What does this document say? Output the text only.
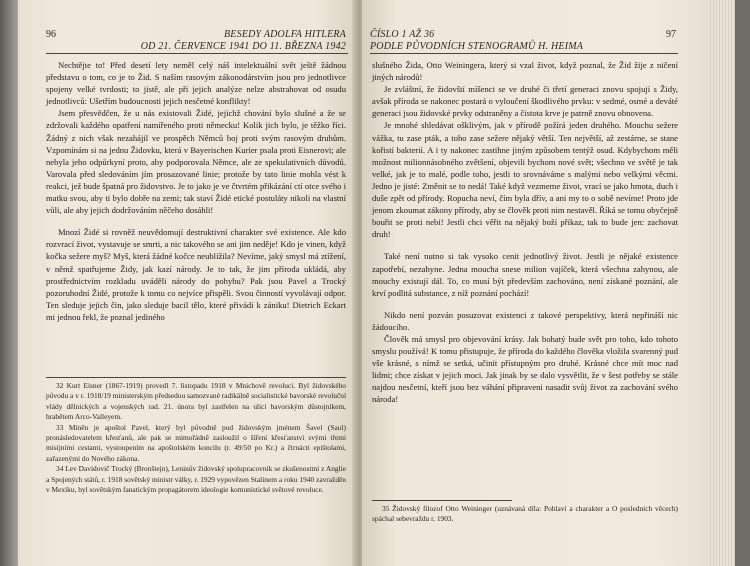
96	BESEDY ADOLFA HITLERA
OD 21. ČERVENCE 1941 DO 11. BŘEZNA 1942

Nechtějte to! Před desetí lety neměl celý náš intelektuální svět ještě žádnou představu o tom, co je to Žid. S naším rasovým zákonodárstvím jsou pro jednotlivce spojeny velké tvrdosti; to jistě, ale při jejich analýze nelze abstrahovat od osudu jednotlivců: Ušetřím budoucnosti jejich nesčetné konflikty!

Jsem přesvědčen, že u nás existovali Židé, jejichž chování bylo slušné a že se zdržovali každého opatření namířeného proti německu! Kolik jich bylo, je těžko říci. Žádný z nich však nezahájil ve prospěch Němců boj proti svým rasovým druhům. Vzpomínám si na jednu Židovku, která v Bayerischen Kurier psala proti Eisnerovi; ale nebyla jeho odpůrkyní proto, aby podporovala Němce, ale ze spekulativních důvodů. Varovala před sledováním jím prosazované linie; protože by tato linie mohla vést k reakci, jež bude špatná pro židovstvo. Je to jako je ve čtvrtém přikázání ctí otce svého i matku svou, aby ti bylo dobře na zemi; tak staví Židé etické postuláty nikoli na vlastní vůli, ale aby jejich dodržováním něčeho dosáhli!

Mnozí Židé si rovněž neuvědomují destruktivní charakter své existence. Ale kdo rozvrací život, vystavuje se smrti, a nic takového se ani jim neděje! Kdo je vinen, když kočka sežere myš? Myš, která žádné kočce neublížila? Nevíme, jaký smysl má ztížení, v němž spatřujeme Židy, jak kazí národy. Je to tak, že jim příroda ukládá, aby prostřednictvím rozkladu uváděli národy do pohybu? Pak jsou Pavel a Trocký pozoruhodní Židé, protože k tomu co nejvíce přispěli. Svou činností vyvolávají odpor. Ten sleduje jejich čin, jako sleduje bacil tělo, které přivádí k zániku! Dietrich Eckart mi jednou řekl, že poznal jediného

32 Kurt Eisner (1867-1919) provedl 7. listopadu 1918 v Mnichově revoluci. Byl židovského původu a v r. 1918/19 ministerským předsedou samozvané radikálně socialistické bavorské revoluční vlády dělnických a vojenských rad. 21. února byl zastřelen na ulici bavorským důstojníkem, hrabětem Arco-Valleyem.

33 Míněn je apoštol Pavel, který byl původně pod židovským jménem Šavel (Saul) pronásledovatelem křesťanů, ale pak se mimořádně zasloužil o šíření křesťanství svými třemi misijními cestami, vystoupením na apoštolském koncilu (r. 49/50 po Kr.) a čtrnácti epištolami, zařazenými do Nového zákona.

34 Lev Davidovič Trocký (Bronštejn), Leninův židovský spolupracovník se zkušenostmi z Anglie a Spojených států, r. 1918 sovětský ministr války, r. 1929 vypovězen Stalinem a roku 1940 zavražděn v Mexiku, byl sovětským fanatickým propagátorem ideologie komunistické světové revoluce.

ČÍSLO 1 AŽ 36
PODLE PŮVODNÍCH STENOGRAMŮ H. HEIMA
97

slušného Žida, Otto Weiningera, který si vzal život, když poznal, že Žid žije z ničení jiných národů!

Je zvláštní, že židovští míšenci se ve druhé či třetí generaci znovu spojují s Židy, avšak příroda se nakonec postará o vyloučení škodlivého prvku: v sedmé, osmé a deváté generaci jsou židovské prvky odstraněny a čistota krve je patrně znovu obnovena.

Je mnohé shledávat ošklivým, jak v přírodě požírá jeden druhého. Mouchu sežere vážka, tu zase pták, a toho zase sežere nějaký větší. Ten největší, až zestárne, se stane kořistí bakterií. A i ty nakonec zastihne jiným způsobem tentýž osud. Kdybychom měli možnost milionnásobného zvětšení, objevili bychom nové svět; všechno ve světě je tak velké, jak je to malé, podle toho, jestli to srovnáváme s malými nebo velkými věcmi. Jedno je jisté: Změnit se to nedá! Také když vezmeme život, vrací se jako hmota, duch i duše zpět od přírody. Ropucha neví, čím byla dřív, a ani my to o sobě nevíme! Proto jde jenom zkoumat zákony přírody, aby se člověk proti nim nestavěl. Říká se tomu obyčejně bouřit se proti nebi! Jestli chci věřit na nějaký boží příkaz, tak to bude jen: zachovat druh!

Také není nutno si tak vysoko cenit jednotlivý život. Jestli je nějaké existence zapotřebí, nezahyne. Jedna moucha snese milion vajíček, která všechna zahynou, ale mouchy existují dál. To, co musí být především zachováno, není získané poznání, ale krví podlitá substance, z níž poznání pochází!

Nikdo není pozván posuzovat existenci z takové perspektivy, která nepřináší nic žádoucího.

Člověk má smysl pro objevování krásy. Jak bohatý bude svět pro toho, kdo tohoto smyslu používá! K tomu přistupuje, že příroda do každého člověka vložila svarenný pud vše krásné, s nímž se setká, učinit přístupným pro druhé. Krásné chce mít moc nad lidmi; chce získat v jejich moci. Jak jinak by se dalo vysvětlit, že v šest potřeby se stále najdou nesčetní, kteří jsou bez váhání připraveni nasadit svůj život za zachování svého národa!

35 Židovský filozof Otto Weininger (uznávaná díla: Pohlaví a charakter a O posledních věcech) spáchal sebevraždu r. 1903.
